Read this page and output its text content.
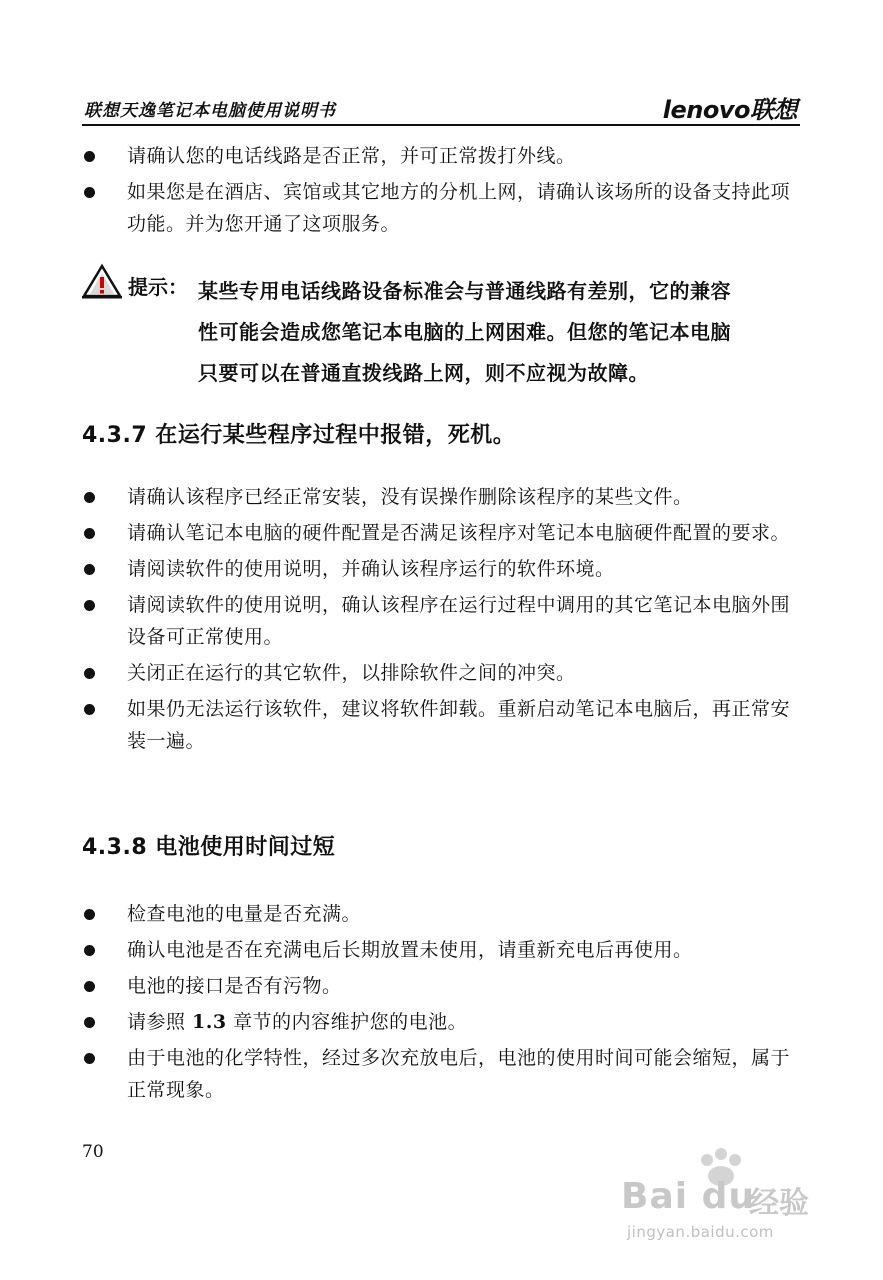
联想天逸笔记本电脑使用说明书	lenovo联想
请确认您的电话线路是否正常，并可正常拨打外线。
如果您是在酒店、宾馆或其它地方的分机上网，请确认该场所的设备支持此项功能。并为您开通了这项服务。
提示： 某些专用电话线路设备标准会与普通线路有差别，它的兼容
性可能会造成您笔记本电脑的上网困难。但您的笔记本电脑
只要可以在普通直拨线路上网，则不应视为故障。
4.3.7 在运行某些程序过程中报错，死机。
请确认该程序已经正常安装，没有误操作删除该程序的某些文件。
请确认笔记本电脑的硬件配置是否满足该程序对笔记本电脑硬件配置的要求。
请阅读软件的使用说明，并确认该程序运行的软件环境。
请阅读软件的使用说明，确认该程序在运行过程中调用的其它笔记本电脑外围设备可正常使用。
关闭正在运行的其它软件，以排除软件之间的冲突。
如果仍无法运行该软件，建议将软件卸载。重新启动笔记本电脑后，再正常安装一遍。
4.3.8 电池使用时间过短
检查电池的电量是否充满。
确认电池是否在充满电后长期放置未使用，请重新充电后再使用。
电池的接口是否有污物。
请参照 1.3 章节的内容维护您的电池。
由于电池的化学特性，经过多次充放电后，电池的使用时间可能会缩短，属于正常现象。
70
Bai du
经验
jingyan.baidu.com
